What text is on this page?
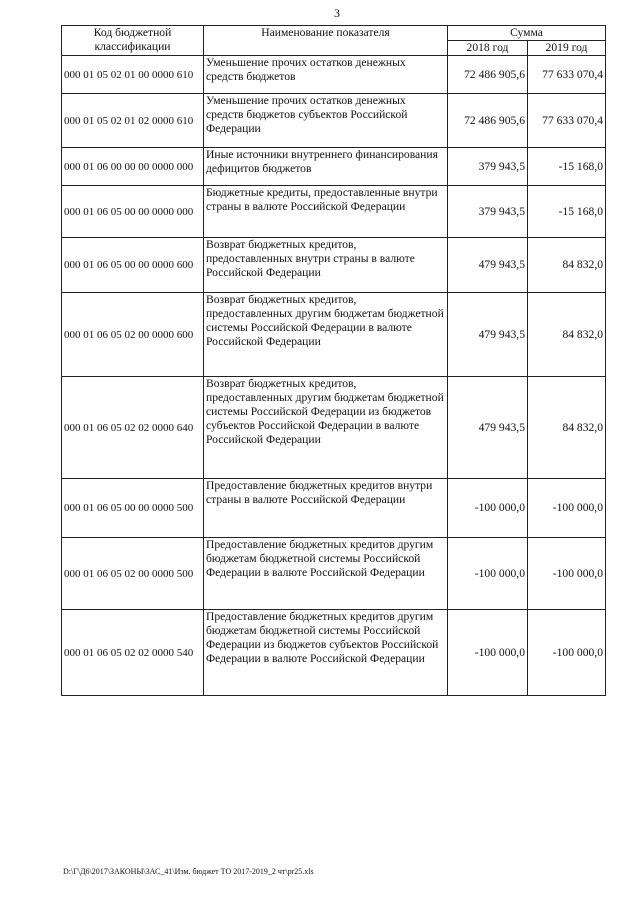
3
Код бюджетной классификации	Наименование показателя	Сумма	
		2018 год	2019 год
000 01 05 02 01 00 0000 610	Уменьшение прочих остатков денежных средств бюджетов	72 486 905,6	77 633 070,4
000 01 05 02 01 02 0000 610	Уменьшение прочих остатков денежных средств бюджетов субъектов Российской Федерации	72 486 905,6	77 633 070,4
000 01 06 00 00 00 0000 000	Иные источники внутреннего финансирования дефицитов бюджетов	379 943,5	-15 168,0
000 01 06 05 00 00 0000 000	Бюджетные кредиты, предоставленные внутри страны в валюте Российской Федерации	379 943,5	-15 168,0
000 01 06 05 00 00 0000 600	Возврат бюджетных кредитов, предоставленных внутри страны в валюте Российской Федерации	479 943,5	84 832,0
000 01 06 05 02 00 0000 600	Возврат бюджетных кредитов, предоставленных другим бюджетам бюджетной системы Российской Федерации в валюте Российской Федерации	479 943,5	84 832,0
000 01 06 05 02 02 0000 640	Возврат бюджетных кредитов, предоставленных другим бюджетам бюджетной системы Российской Федерации из бюджетов субъектов Российской Федерации в валюте Российской Федерации	479 943,5	84 832,0
000 01 06 05 00 00 0000 500	Предоставление бюджетных кредитов внутри страны в валюте Российской Федерации	-100 000,0	-100 000,0
000 01 06 05 02 00 0000 500	Предоставление бюджетных кредитов другим бюджетам бюджетной системы Российской Федерации в валюте Российской Федерации	-100 000,0	-100 000,0
000 01 06 05 02 02 0000 540	Предоставление бюджетных кредитов другим бюджетам бюджетной системы Российской Федерации из бюджетов субъектов Российской Федерации в валюте Российской Федерации	-100 000,0	-100 000,0
D:\Г\Д6\2017\ЗАКОНЫ\ЗАС_41\Изм. бюджет ТО 2017-2019_2 чт\pr25.xls
